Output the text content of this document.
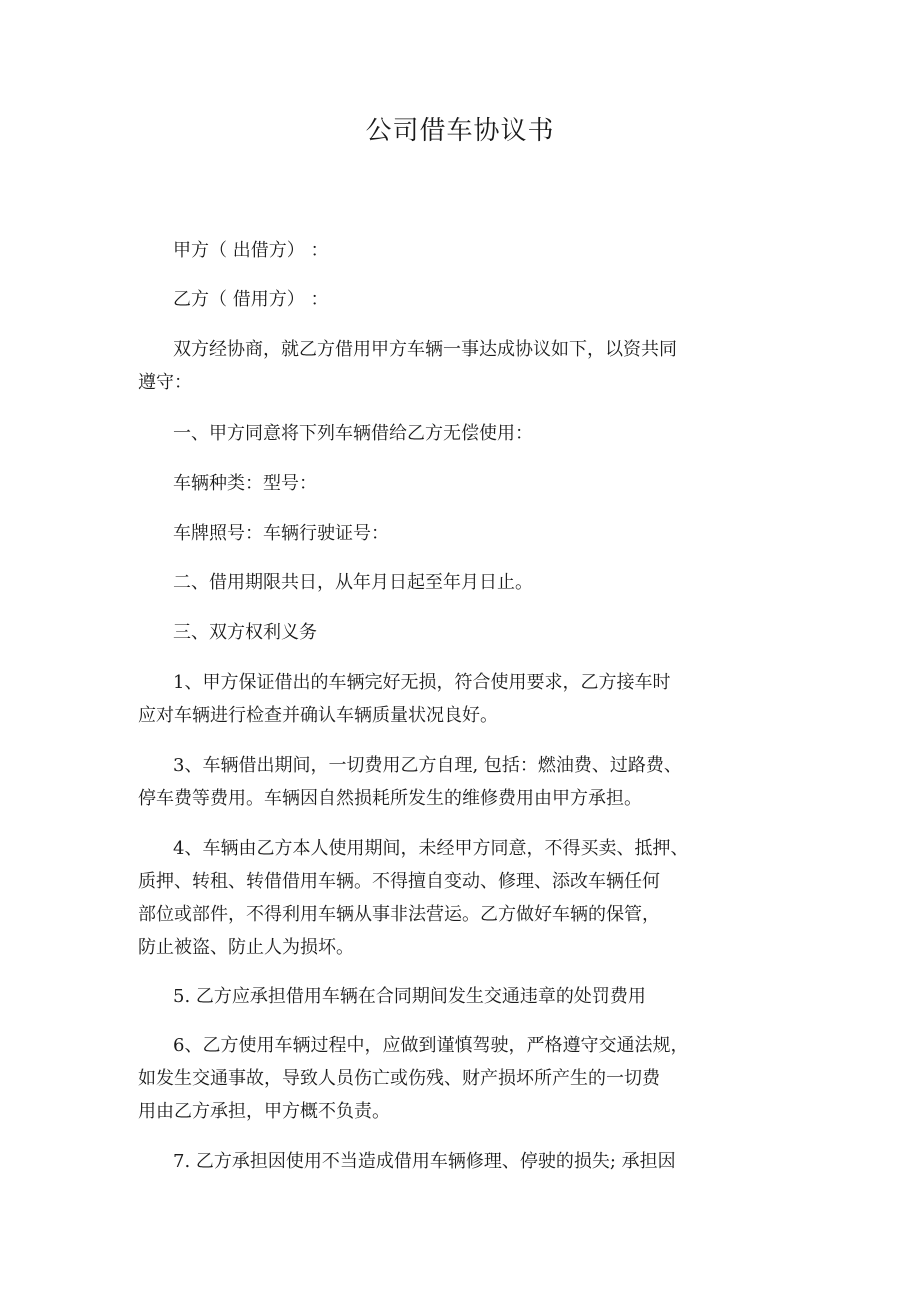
公司借车协议书

甲方（ 出借方） ：

乙方（ 借用方） ：

双方经协商，就乙方借用甲方车辆一事达成协议如下，以资共同
遵守：

一、甲方同意将下列车辆借给乙方无偿使用：

车辆种类：型号：

车牌照号：车辆行驶证号：

二、借用期限共日，从年月日起至年月日止。

三、双方权利义务

1、甲方保证借出的车辆完好无损，符合使用要求，乙方接车时
应对车辆进行检查并确认车辆质量状况良好。

3、车辆借出期间，一切费用乙方自理, 包括：燃油费、过路费、
停车费等费用。车辆因自然损耗所发生的维修费用由甲方承担。

4、车辆由乙方本人使用期间，未经甲方同意，不得买卖、抵押、
质押、转租、转借借用车辆。不得擅自变动、修理、添改车辆任何
部位或部件，不得利用车辆从事非法营运。乙方做好车辆的保管，
防止被盗、防止人为损坏。

5. 乙方应承担借用车辆在合同期间发生交通违章的处罚费用

6、乙方使用车辆过程中，应做到谨慎驾驶，严格遵守交通法规，
如发生交通事故，导致人员伤亡或伤残、财产损坏所产生的一切费
用由乙方承担，甲方概不负责。

7. 乙方承担因使用不当造成借用车辆修理、停驶的损失; 承担因
